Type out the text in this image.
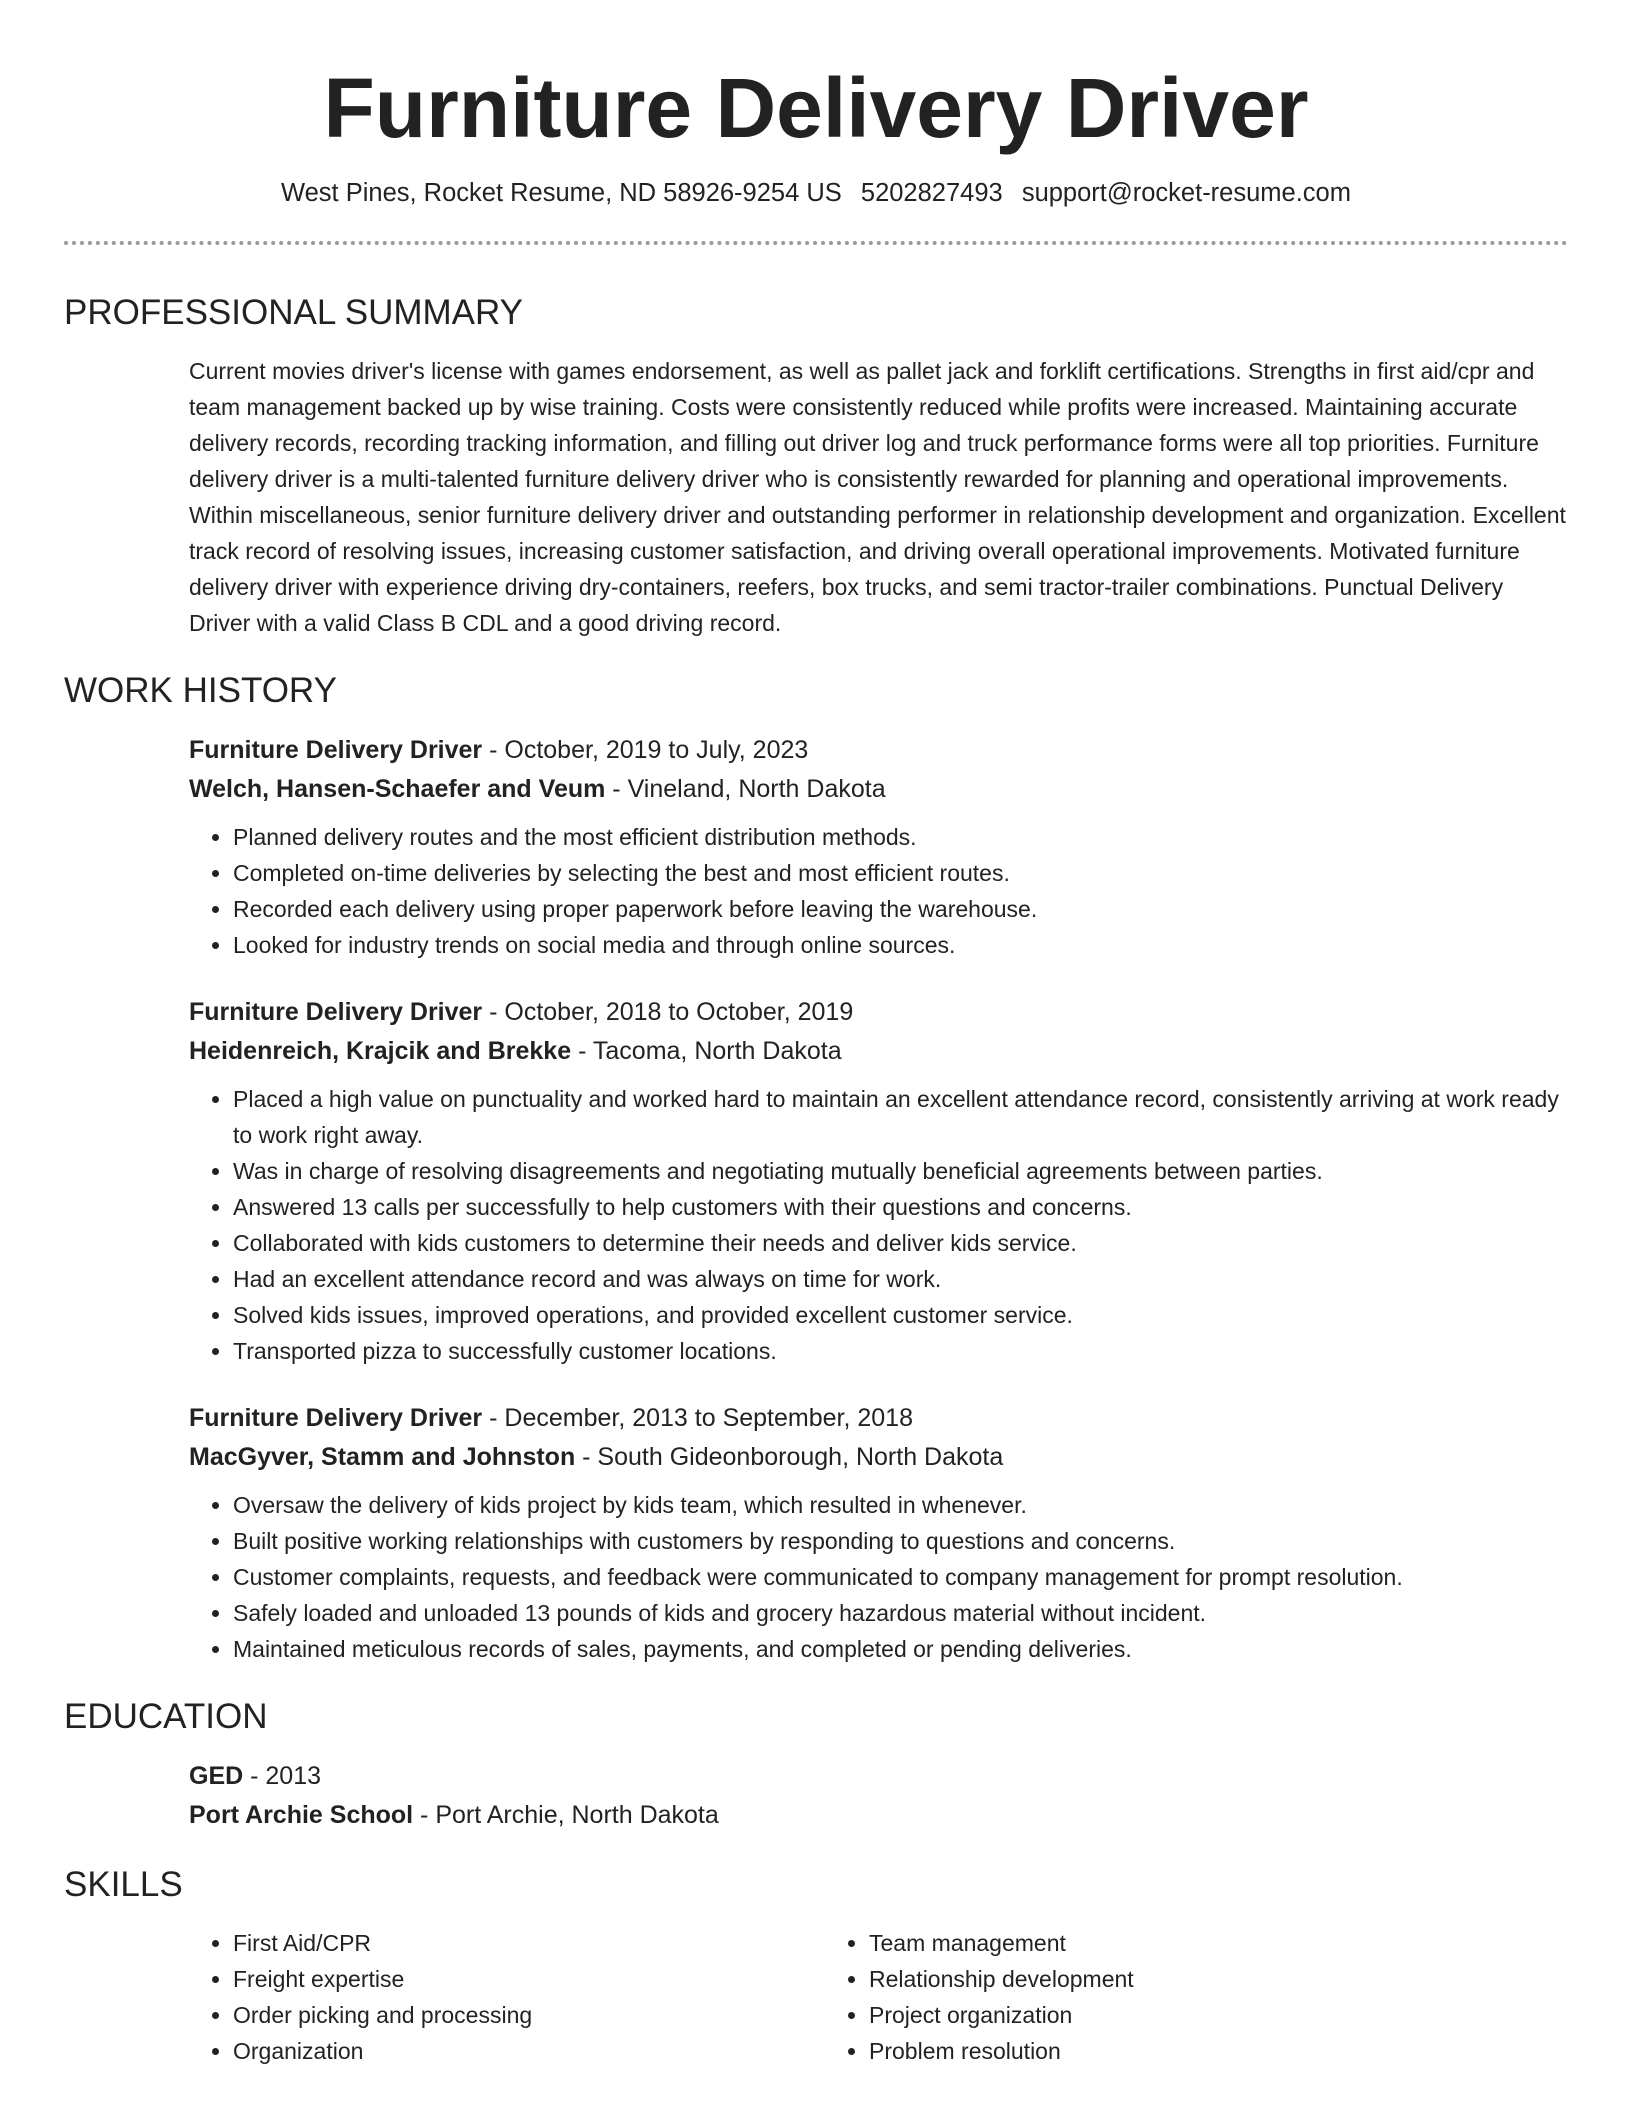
Furniture Delivery Driver
West Pines, Rocket Resume, ND 58926-9254 US 5202827493 support@rocket-resume.com
PROFESSIONAL SUMMARY

Current movies driver's license with games endorsement, as well as pallet jack and forklift certifications. Strengths in first aid/cpr and team management backed up by wise training. Costs were consistently reduced while profits were increased. Maintaining accurate delivery records, recording tracking information, and filling out driver log and truck performance forms were all top priorities. Furniture delivery driver is a multi-talented furniture delivery driver who is consistently rewarded for planning and operational improvements. Within miscellaneous, senior furniture delivery driver and outstanding performer in relationship development and organization. Excellent track record of resolving issues, increasing customer satisfaction, and driving overall operational improvements. Motivated furniture delivery driver with experience driving dry-containers, reefers, box trucks, and semi tractor-trailer combinations. Punctual Delivery Driver with a valid Class B CDL and a good driving record.

WORK HISTORY

Furniture Delivery Driver - October, 2019 to July, 2023

Welch, Hansen-Schaefer and Veum - Vineland, North Dakota

• Planned delivery routes and the most efficient distribution methods.
• Completed on-time deliveries by selecting the best and most efficient routes.
• Recorded each delivery using proper paperwork before leaving the warehouse.
• Looked for industry trends on social media and through online sources.

Furniture Delivery Driver - October, 2018 to October, 2019

Heidenreich, Krajcik and Brekke - Tacoma, North Dakota

• Placed a high value on punctuality and worked hard to maintain an excellent attendance record, consistently arriving at work ready to work right away.
• Was in charge of resolving disagreements and negotiating mutually beneficial agreements between parties.
• Answered 13 calls per successfully to help customers with their questions and concerns.
• Collaborated with kids customers to determine their needs and deliver kids service.
• Had an excellent attendance record and was always on time for work.
• Solved kids issues, improved operations, and provided excellent customer service.
• Transported pizza to successfully customer locations.

Furniture Delivery Driver - December, 2013 to September, 2018

MacGyver, Stamm and Johnston - South Gideonborough, North Dakota

• Oversaw the delivery of kids project by kids team, which resulted in whenever.
• Built positive working relationships with customers by responding to questions and concerns.
• Customer complaints, requests, and feedback were communicated to company management for prompt resolution.
• Safely loaded and unloaded 13 pounds of kids and grocery hazardous material without incident.
• Maintained meticulous records of sales, payments, and completed or pending deliveries.
EDUCATION

GED - 2013

Port Archie School - Port Archie, North Dakota

SKILLS
• First Aid/CPR
• Freight expertise
• Order picking and processing
• Organization
• Team management
• Relationship development
• Project organization
• Problem resolution
